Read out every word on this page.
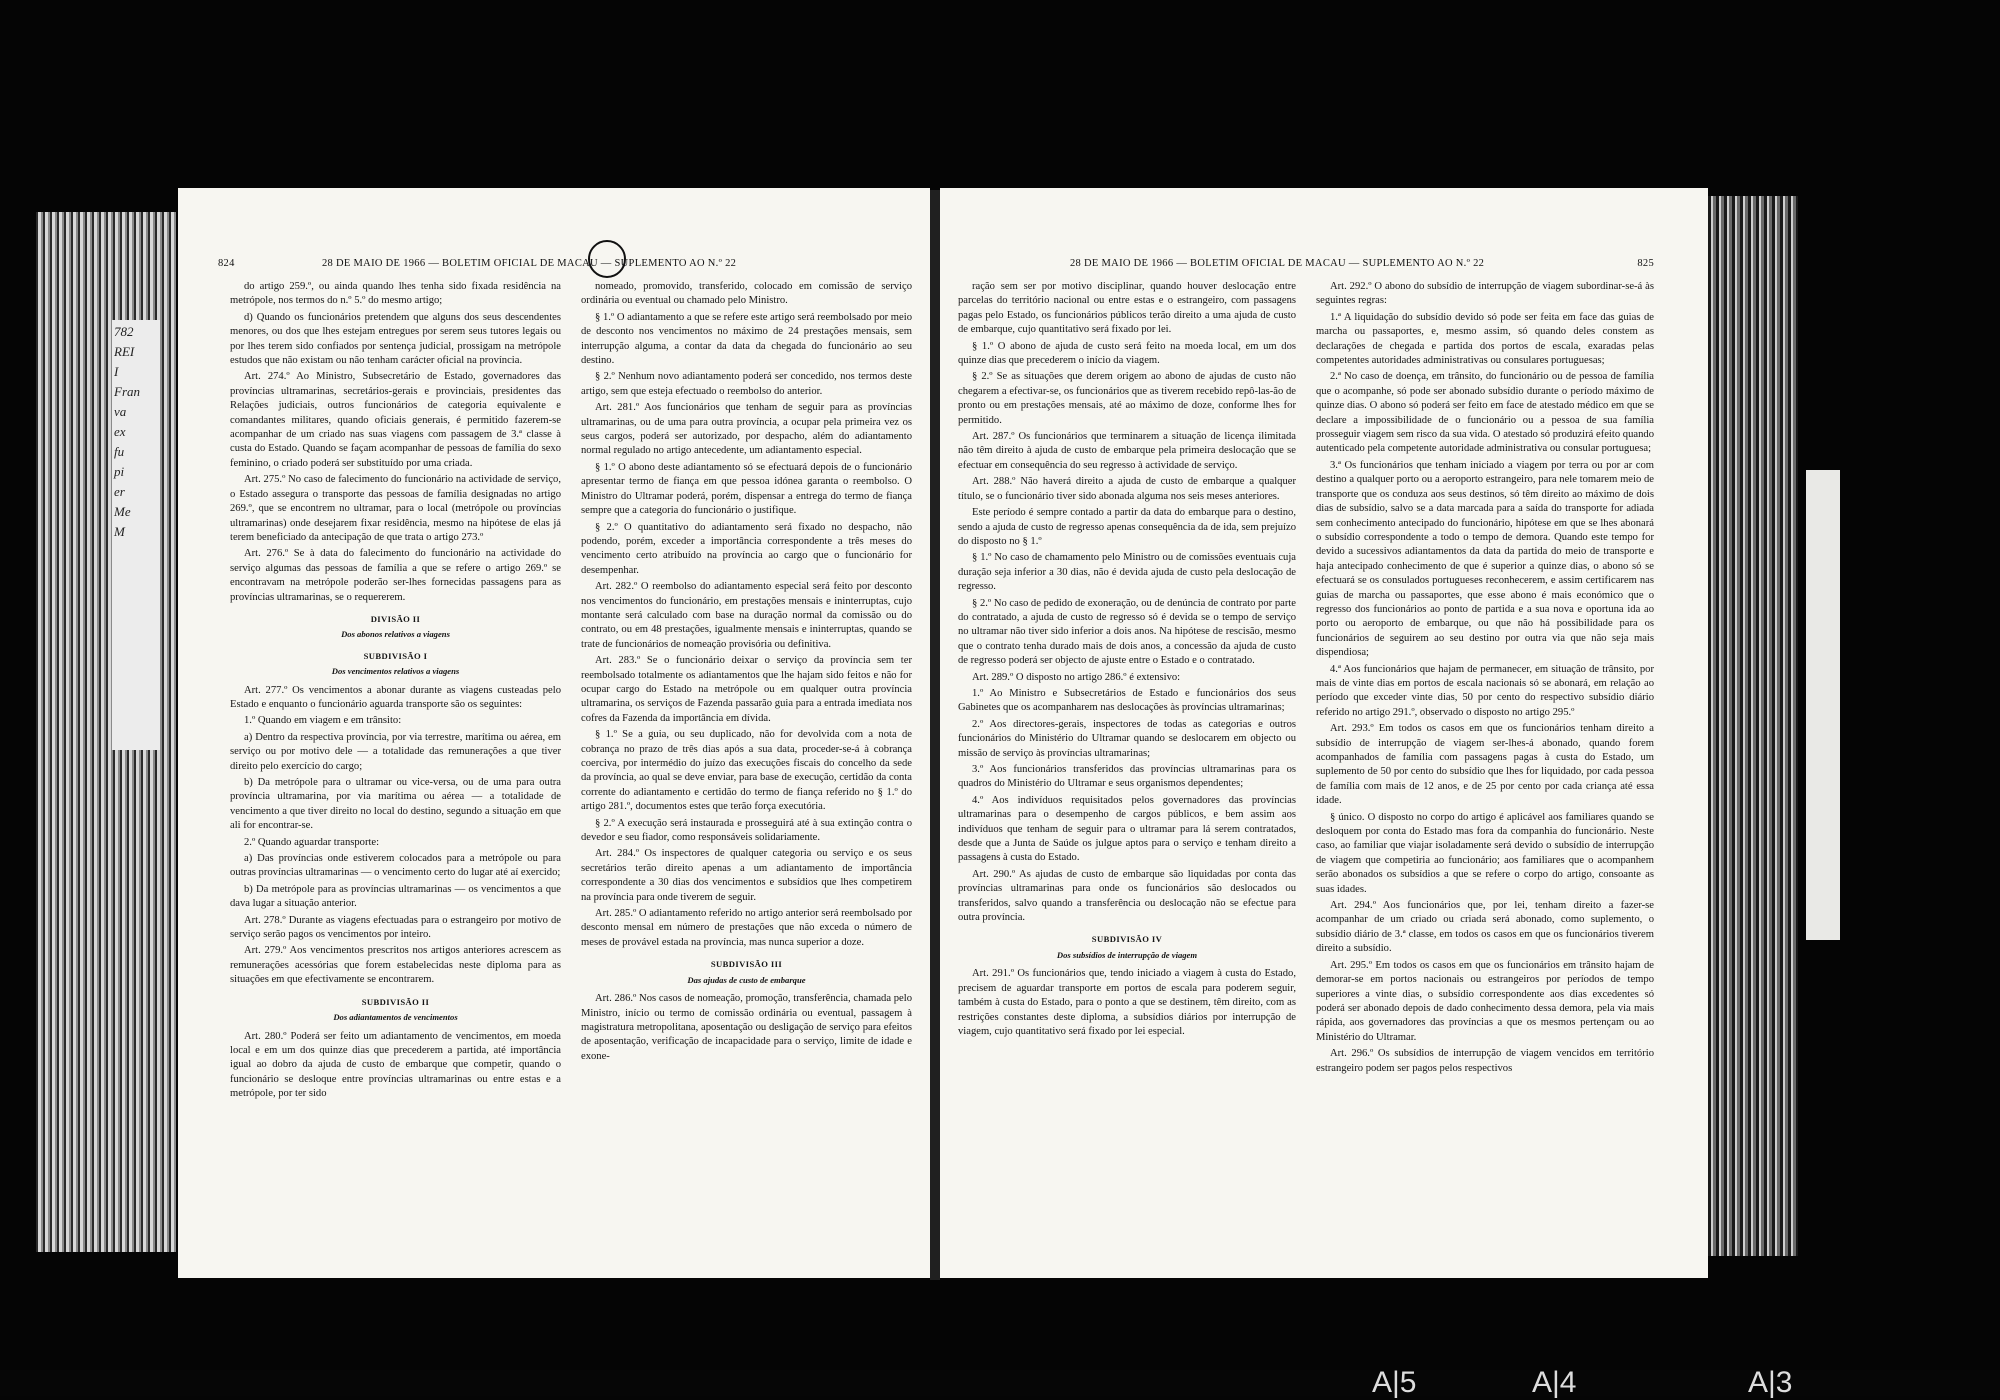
782
REI
I
Fran
va
ex
fu
pi
er
Me
M
824	28 DE MAIO DE 1966 — BOLETIM OFICIAL DE MACAU — SUPLEMENTO AO N.º 22

do artigo 259.º, ou ainda quando lhes tenha sido fixada residência na metrópole, nos termos do n.º 5.º do mesmo artigo;

d) Quando os funcionários pretendem que alguns dos seus descendentes menores, ou dos que lhes estejam entregues por serem seus tutores legais ou por lhes terem sido confiados por sentença judicial, prossigam na metrópole estudos que não existam ou não tenham carácter oficial na província.

Art. 274.º Ao Ministro, Subsecretário de Estado, governadores das províncias ultramarinas, secretários-gerais e provinciais, presidentes das Relações judiciais, outros funcionários de categoria equivalente e comandantes militares, quando oficiais generais, é permitido fazerem-se acompanhar de um criado nas suas viagens com passagem de 3.ª classe à custa do Estado. Quando se façam acompanhar de pessoas de família do sexo feminino, o criado poderá ser substituído por uma criada.

Art. 275.º No caso de falecimento do funcionário na actividade de serviço, o Estado assegura o transporte das pessoas de família designadas no artigo 269.º, que se encontrem no ultramar, para o local (metrópole ou províncias ultramarinas) onde desejarem fixar residência, mesmo na hipótese de elas já terem beneficiado da antecipação de que trata o artigo 273.º

Art. 276.º Se à data do falecimento do funcionário na actividade do serviço algumas das pessoas de família a que se refere o artigo 269.º se encontravam na metrópole poderão ser-lhes fornecidas passagens para as províncias ultramarinas, se o requererem.

DIVISÃO II
Dos abonos relativos a viagens
SUBDIVISÃO I
Dos vencimentos relativos a viagens

Art. 277.º Os vencimentos a abonar durante as viagens custeadas pelo Estado e enquanto o funcionário aguarda transporte são os seguintes:

1.º Quando em viagem e em trânsito:

a) Dentro da respectiva província, por via terrestre, marítima ou aérea, em serviço ou por motivo dele — a totalidade das remunerações a que tiver direito pelo exercício do cargo;

b) Da metrópole para o ultramar ou vice-versa, ou de uma para outra província ultramarina, por via marítima ou aérea — a totalidade de vencimento a que tiver direito no local do destino, segundo a situação em que ali for encontrar-se.

2.º Quando aguardar transporte:

a) Das províncias onde estiverem colocados para a metrópole ou para outras províncias ultramarinas — o vencimento certo do lugar até aí exercido;

b) Da metrópole para as províncias ultramarinas — os vencimentos a que dava lugar a situação anterior.

Art. 278.º Durante as viagens efectuadas para o estrangeiro por motivo de serviço serão pagos os vencimentos por inteiro.

Art. 279.º Aos vencimentos prescritos nos artigos anteriores acrescem as remunerações acessórias que forem estabelecidas neste diploma para as situações em que efectivamente se encontrarem.

SUBDIVISÃO II
Dos adiantamentos de vencimentos

Art. 280.º Poderá ser feito um adiantamento de vencimentos, em moeda local e em um dos quinze dias que precederem a partida, até importância igual ao dobro da ajuda de custo de embarque que competir, quando o funcionário se desloque entre províncias ultramarinas ou entre estas e a metrópole, por ter sido

nomeado, promovido, transferido, colocado em comissão de serviço ordinária ou eventual ou chamado pelo Ministro.

§ 1.º O adiantamento a que se refere este artigo será reembolsado por meio de desconto nos vencimentos no máximo de 24 prestações mensais, sem interrupção alguma, a contar da data da chegada do funcionário ao seu destino.

§ 2.º Nenhum novo adiantamento poderá ser concedido, nos termos deste artigo, sem que esteja efectuado o reembolso do anterior.

Art. 281.º Aos funcionários que tenham de seguir para as províncias ultramarinas, ou de uma para outra província, a ocupar pela primeira vez os seus cargos, poderá ser autorizado, por despacho, além do adiantamento normal regulado no artigo antecedente, um adiantamento especial.

§ 1.º O abono deste adiantamento só se efectuará depois de o funcionário apresentar termo de fiança em que pessoa idónea garanta o reembolso. O Ministro do Ultramar poderá, porém, dispensar a entrega do termo de fiança sempre que a categoria do funcionário o justifique.

§ 2.º O quantitativo do adiantamento será fixado no despacho, não podendo, porém, exceder a importância correspondente a três meses do vencimento certo atribuído na província ao cargo que o funcionário for desempenhar.

Art. 282.º O reembolso do adiantamento especial será feito por desconto nos vencimentos do funcionário, em prestações mensais e ininterruptas, cujo montante será calculado com base na duração normal da comissão ou do contrato, ou em 48 prestações, igualmente mensais e ininterruptas, quando se trate de funcionários de nomeação provisória ou definitiva.

Art. 283.º Se o funcionário deixar o serviço da província sem ter reembolsado totalmente os adiantamentos que lhe hajam sido feitos e não for ocupar cargo do Estado na metrópole ou em qualquer outra província ultramarina, os serviços de Fazenda passarão guia para a entrada imediata nos cofres da Fazenda da importância em dívida.

§ 1.º Se a guia, ou seu duplicado, não for devolvida com a nota de cobrança no prazo de três dias após a sua data, proceder-se-á à cobrança coerciva, por intermédio do juízo das execuções fiscais do concelho da sede da província, ao qual se deve enviar, para base de execução, certidão da conta corrente do adiantamento e certidão do termo de fiança referido no § 1.º do artigo 281.º, documentos estes que terão força executória.

§ 2.º A execução será instaurada e prosseguirá até à sua extinção contra o devedor e seu fiador, como responsáveis solidariamente.

Art. 284.º Os inspectores de qualquer categoria ou serviço e os seus secretários terão direito apenas a um adiantamento de importância correspondente a 30 dias dos vencimentos e subsídios que lhes competirem na província para onde tiverem de seguir.

Art. 285.º O adiantamento referido no artigo anterior será reembolsado por desconto mensal em número de prestações que não exceda o número de meses de provável estada na província, mas nunca superior a doze.

SUBDIVISÃO III
Das ajudas de custo de embarque

Art. 286.º Nos casos de nomeação, promoção, transferência, chamada pelo Ministro, início ou termo de comissão ordinária ou eventual, passagem à magistratura metropolitana, aposentação ou desligação de serviço para efeitos de aposentação, verificação de incapacidade para o serviço, limite de idade e exone-

28 DE MAIO DE 1966 — BOLETIM OFICIAL DE MACAU — SUPLEMENTO AO N.º 22	825

ração sem ser por motivo disciplinar, quando houver deslocação entre parcelas do território nacional ou entre estas e o estrangeiro, com passagens pagas pelo Estado, os funcionários públicos terão direito a uma ajuda de custo de embarque, cujo quantitativo será fixado por lei.

§ 1.º O abono de ajuda de custo será feito na moeda local, em um dos quinze dias que precederem o início da viagem.

§ 2.º Se as situações que derem origem ao abono de ajudas de custo não chegarem a efectivar-se, os funcionários que as tiverem recebido repô-las-ão de pronto ou em prestações mensais, até ao máximo de doze, conforme lhes for permitido.

Art. 287.º Os funcionários que terminarem a situação de licença ilimitada não têm direito à ajuda de custo de embarque pela primeira deslocação que se efectuar em consequência do seu regresso à actividade de serviço.

Art. 288.º Não haverá direito a ajuda de custo de embarque a qualquer título, se o funcionário tiver sido abonada alguma nos seis meses anteriores.

Este período é sempre contado a partir da data do embarque para o destino, sendo a ajuda de custo de regresso apenas consequência da de ida, sem prejuízo do disposto no § 1.º

§ 1.º No caso de chamamento pelo Ministro ou de comissões eventuais cuja duração seja inferior a 30 dias, não é devida ajuda de custo pela deslocação de regresso.

§ 2.º No caso de pedido de exoneração, ou de denúncia de contrato por parte do contratado, a ajuda de custo de regresso só é devida se o tempo de serviço no ultramar não tiver sido inferior a dois anos. Na hipótese de rescisão, mesmo que o contrato tenha durado mais de dois anos, a concessão da ajuda de custo de regresso poderá ser objecto de ajuste entre o Estado e o contratado.

Art. 289.º O disposto no artigo 286.º é extensivo:

1.º Ao Ministro e Subsecretários de Estado e funcionários dos seus Gabinetes que os acompanharem nas deslocações às províncias ultramarinas;

2.º Aos directores-gerais, inspectores de todas as categorias e outros funcionários do Ministério do Ultramar quando se deslocarem em objecto ou missão de serviço às províncias ultramarinas;

3.º Aos funcionários transferidos das províncias ultramarinas para os quadros do Ministério do Ultramar e seus organismos dependentes;

4.º Aos indivíduos requisitados pelos governadores das províncias ultramarinas para o desempenho de cargos públicos, e bem assim aos indivíduos que tenham de seguir para o ultramar para lá serem contratados, desde que a Junta de Saúde os julgue aptos para o serviço e tenham direito a passagens à custa do Estado.

Art. 290.º As ajudas de custo de embarque são liquidadas por conta das províncias ultramarinas para onde os funcionários são deslocados ou transferidos, salvo quando a transferência ou deslocação não se efectue para outra província.

SUBDIVISÃO IV
Dos subsídios de interrupção de viagem

Art. 291.º Os funcionários que, tendo iniciado a viagem à custa do Estado, precisem de aguardar transporte em portos de escala para poderem seguir, também à custa do Estado, para o ponto a que se destinem, têm direito, com as restrições constantes deste diploma, a subsídios diários por interrupção de viagem, cujo quantitativo será fixado por lei especial.

Art. 292.º O abono do subsídio de interrupção de viagem subordinar-se-á às seguintes regras:

1.ª A liquidação do subsídio devido só pode ser feita em face das guias de marcha ou passaportes, e, mesmo assim, só quando deles constem as declarações de chegada e partida dos portos de escala, exaradas pelas competentes autoridades administrativas ou consulares portuguesas;

2.ª No caso de doença, em trânsito, do funcionário ou de pessoa de família que o acompanhe, só pode ser abonado subsídio durante o período máximo de quinze dias. O abono só poderá ser feito em face de atestado médico em que se declare a impossibilidade de o funcionário ou a pessoa de sua família prosseguir viagem sem risco da sua vida. O atestado só produzirá efeito quando autenticado pela competente autoridade administrativa ou consular portuguesa;

3.ª Os funcionários que tenham iniciado a viagem por terra ou por ar com destino a qualquer porto ou a aeroporto estrangeiro, para nele tomarem meio de transporte que os conduza aos seus destinos, só têm direito ao máximo de dois dias de subsídio, salvo se a data marcada para a saída do transporte for adiada sem conhecimento antecipado do funcionário, hipótese em que se lhes abonará o subsídio correspondente a todo o tempo de demora. Quando este tempo for devido a sucessivos adiantamentos da data da partida do meio de transporte e haja antecipado conhecimento de que é superior a quinze dias, o abono só se efectuará se os consulados portugueses reconhecerem, e assim certificarem nas guias de marcha ou passaportes, que esse abono é mais económico que o regresso dos funcionários ao ponto de partida e a sua nova e oportuna ida ao porto ou aeroporto de embarque, ou que não há possibilidade para os funcionários de seguirem ao seu destino por outra via que não seja mais dispendiosa;

4.ª Aos funcionários que hajam de permanecer, em situação de trânsito, por mais de vinte dias em portos de escala nacionais só se abonará, em relação ao período que exceder vinte dias, 50 por cento do respectivo subsídio diário referido no artigo 291.º, observado o disposto no artigo 295.º

Art. 293.º Em todos os casos em que os funcionários tenham direito a subsídio de interrupção de viagem ser-lhes-á abonado, quando forem acompanhados de família com passagens pagas à custa do Estado, um suplemento de 50 por cento do subsídio que lhes for liquidado, por cada pessoa de família com mais de 12 anos, e de 25 por cento por cada criança até essa idade.

§ único. O disposto no corpo do artigo é aplicável aos familiares quando se desloquem por conta do Estado mas fora da companhia do funcionário. Neste caso, ao familiar que viajar isoladamente será devido o subsídio de interrupção de viagem que competiria ao funcionário; aos familiares que o acompanhem serão abonados os subsídios a que se refere o corpo do artigo, consoante as suas idades.

Art. 294.º Aos funcionários que, por lei, tenham direito a fazer-se acompanhar de um criado ou criada será abonado, como suplemento, o subsídio diário de 3.ª classe, em todos os casos em que os funcionários tiverem direito a subsídio.

Art. 295.º Em todos os casos em que os funcionários em trânsito hajam de demorar-se em portos nacionais ou estrangeiros por períodos de tempo superiores a vinte dias, o subsídio correspondente aos dias excedentes só poderá ser abonado depois de dado conhecimento dessa demora, pela via mais rápida, aos governadores das províncias a que os mesmos pertençam ou ao Ministério do Ultramar.

Art. 296.º Os subsídios de interrupção de viagem vencidos em território estrangeiro podem ser pagos pelos respectivos

A|5	A|4	A|3
